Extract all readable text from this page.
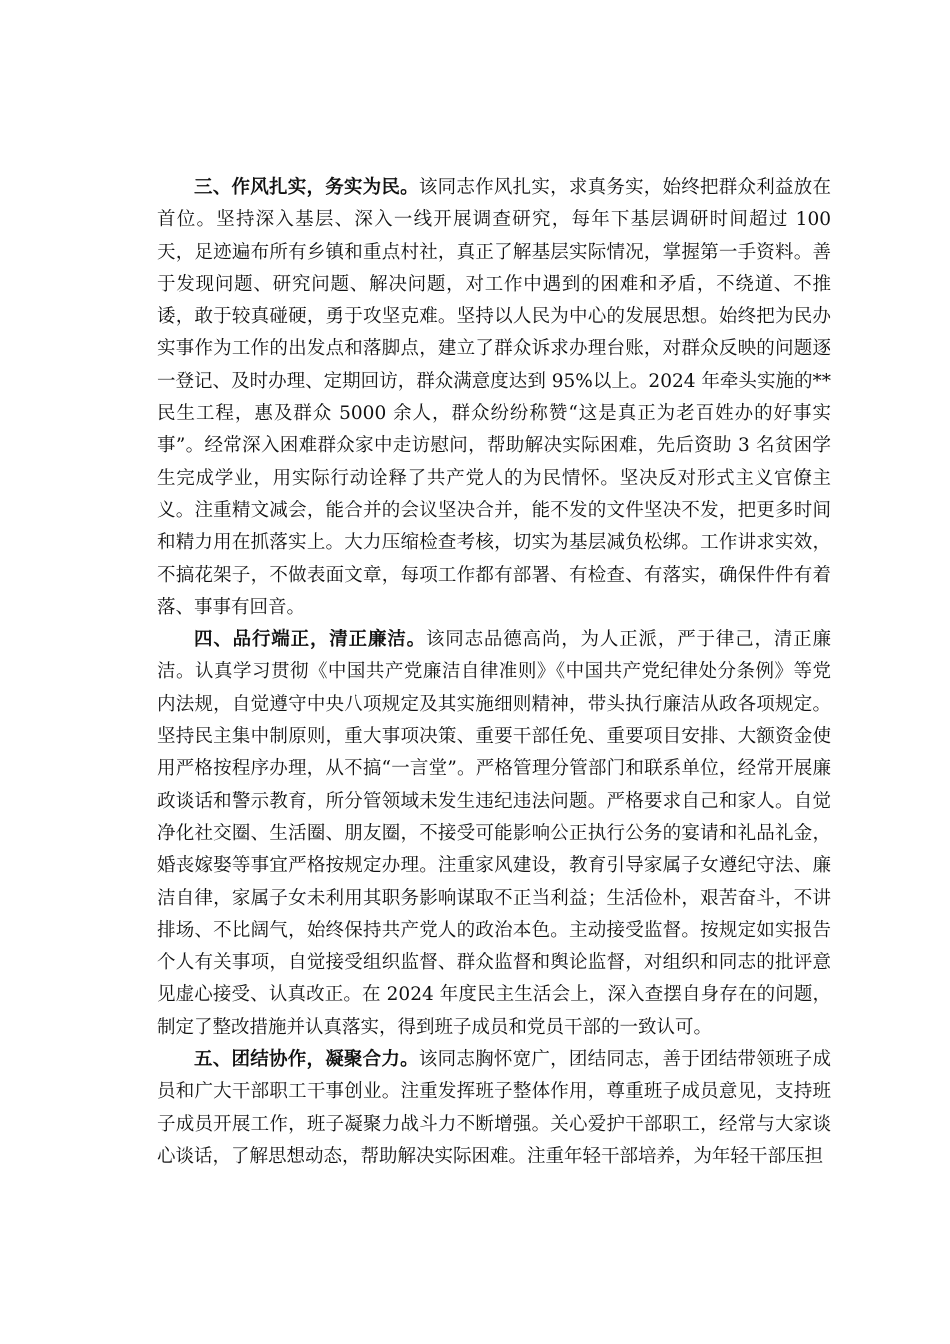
三、作风扎实，务实为民。该同志作风扎实，求真务实，始终把群众利益放在首位。坚持深入基层、深入一线开展调查研究，每年下基层调研时间超过 100 天，足迹遍布所有乡镇和重点村社，真正了解基层实际情况，掌握第一手资料。善于发现问题、研究问题、解决问题，对工作中遇到的困难和矛盾，不绕道、不推诿，敢于较真碰硬，勇于攻坚克难。坚持以人民为中心的发展思想。始终把为民办实事作为工作的出发点和落脚点，建立了群众诉求办理台账，对群众反映的问题逐一登记、及时办理、定期回访，群众满意度达到 95%以上。2024 年牵头实施的**民生工程，惠及群众 5000 余人，群众纷纷称赞“这是真正为老百姓办的好事实事”。经常深入困难群众家中走访慰问，帮助解决实际困难，先后资助 3 名贫困学生完成学业，用实际行动诠释了共产党人的为民情怀。坚决反对形式主义官僚主义。注重精文减会，能合并的会议坚决合并，能不发的文件坚决不发，把更多时间和精力用在抓落实上。大力压缩检查考核，切实为基层减负松绑。工作讲求实效，不搞花架子，不做表面文章，每项工作都有部署、有检查、有落实，确保件件有着落、事事有回音。

四、品行端正，清正廉洁。该同志品德高尚，为人正派，严于律己，清正廉洁。认真学习贯彻《中国共产党廉洁自律准则》《中国共产党纪律处分条例》等党内法规，自觉遵守中央八项规定及其实施细则精神，带头执行廉洁从政各项规定。坚持民主集中制原则，重大事项决策、重要干部任免、重要项目安排、大额资金使用严格按程序办理，从不搞“一言堂”。严格管理分管部门和联系单位，经常开展廉政谈话和警示教育，所分管领域未发生违纪违法问题。严格要求自己和家人。自觉净化社交圈、生活圈、朋友圈，不接受可能影响公正执行公务的宴请和礼品礼金，婚丧嫁娶等事宜严格按规定办理。注重家风建设，教育引导家属子女遵纪守法、廉洁自律，家属子女未利用其职务影响谋取不正当利益；生活俭朴，艰苦奋斗，不讲排场、不比阔气，始终保持共产党人的政治本色。主动接受监督。按规定如实报告个人有关事项，自觉接受组织监督、群众监督和舆论监督，对组织和同志的批评意见虚心接受、认真改正。在 2024 年度民主生活会上，深入查摆自身存在的问题，制定了整改措施并认真落实，得到班子成员和党员干部的一致认可。

五、团结协作，凝聚合力。该同志胸怀宽广，团结同志，善于团结带领班子成员和广大干部职工干事创业。注重发挥班子整体作用，尊重班子成员意见，支持班子成员开展工作，班子凝聚力战斗力不断增强。关心爱护干部职工，经常与大家谈心谈话，了解思想动态，帮助解决实际困难。注重年轻干部培养，为年轻干部压担
